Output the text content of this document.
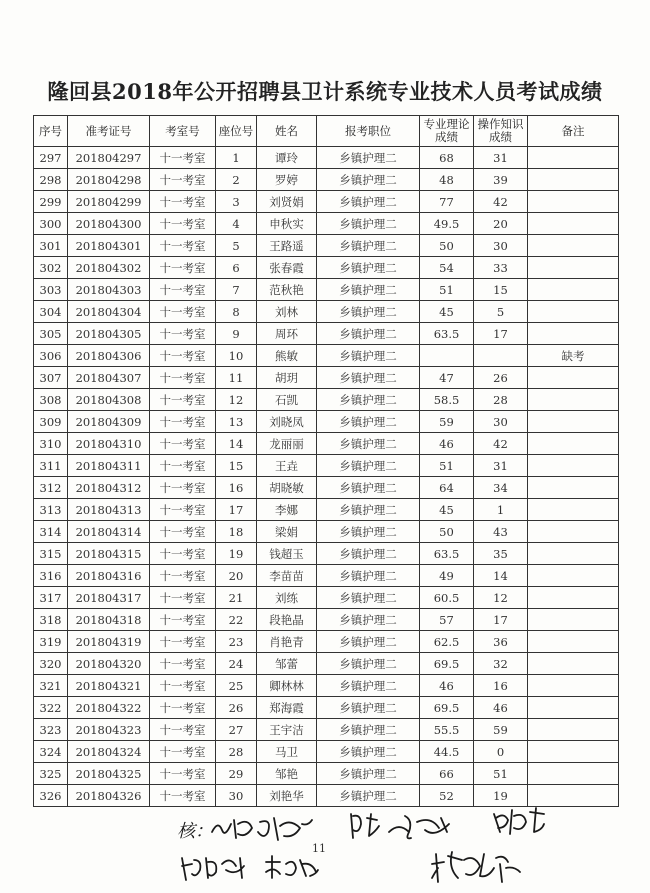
隆回县2018年公开招聘县卫计系统专业技术人员考试成绩
序号	准考证号	考室号	座位号	姓名	报考职位	专业理论成绩	操作知识成绩	备注
297	201804297	十一考室	1	谭玲	乡镇护理二	68	31	
298	201804298	十一考室	2	罗婷	乡镇护理二	48	39	
299	201804299	十一考室	3	刘贤娟	乡镇护理二	77	42	
300	201804300	十一考室	4	申秋实	乡镇护理二	49.5	20	
301	201804301	十一考室	5	王路遥	乡镇护理二	50	30	
302	201804302	十一考室	6	张春霞	乡镇护理二	54	33	
303	201804303	十一考室	7	范秋艳	乡镇护理二	51	15	
304	201804304	十一考室	8	刘林	乡镇护理二	45	5	
305	201804305	十一考室	9	周环	乡镇护理二	63.5	17	
306	201804306	十一考室	10	熊敏	乡镇护理二			缺考
307	201804307	十一考室	11	胡玥	乡镇护理二	47	26	
308	201804308	十一考室	12	石凯	乡镇护理二	58.5	28	
309	201804309	十一考室	13	刘晓凤	乡镇护理二	59	30	
310	201804310	十一考室	14	龙丽丽	乡镇护理二	46	42	
311	201804311	十一考室	15	王垚	乡镇护理二	51	31	
312	201804312	十一考室	16	胡晓敏	乡镇护理二	64	34	
313	201804313	十一考室	17	李娜	乡镇护理二	45	1	
314	201804314	十一考室	18	梁娟	乡镇护理二	50	43	
315	201804315	十一考室	19	钱超玉	乡镇护理二	63.5	35	
316	201804316	十一考室	20	李苗苗	乡镇护理二	49	14	
317	201804317	十一考室	21	刘练	乡镇护理二	60.5	12	
318	201804318	十一考室	22	段艳晶	乡镇护理二	57	17	
319	201804319	十一考室	23	肖艳青	乡镇护理二	62.5	36	
320	201804320	十一考室	24	邹蕾	乡镇护理二	69.5	32	
321	201804321	十一考室	25	卿林林	乡镇护理二	46	16	
322	201804322	十一考室	26	郑海霞	乡镇护理二	69.5	46	
323	201804323	十一考室	27	王宇洁	乡镇护理二	55.5	59	
324	201804324	十一考室	28	马卫	乡镇护理二	44.5	0	
325	201804325	十一考室	29	邹艳	乡镇护理二	66	51	
326	201804326	十一考室	30	刘艳华	乡镇护理二	52	19	
核：
11
